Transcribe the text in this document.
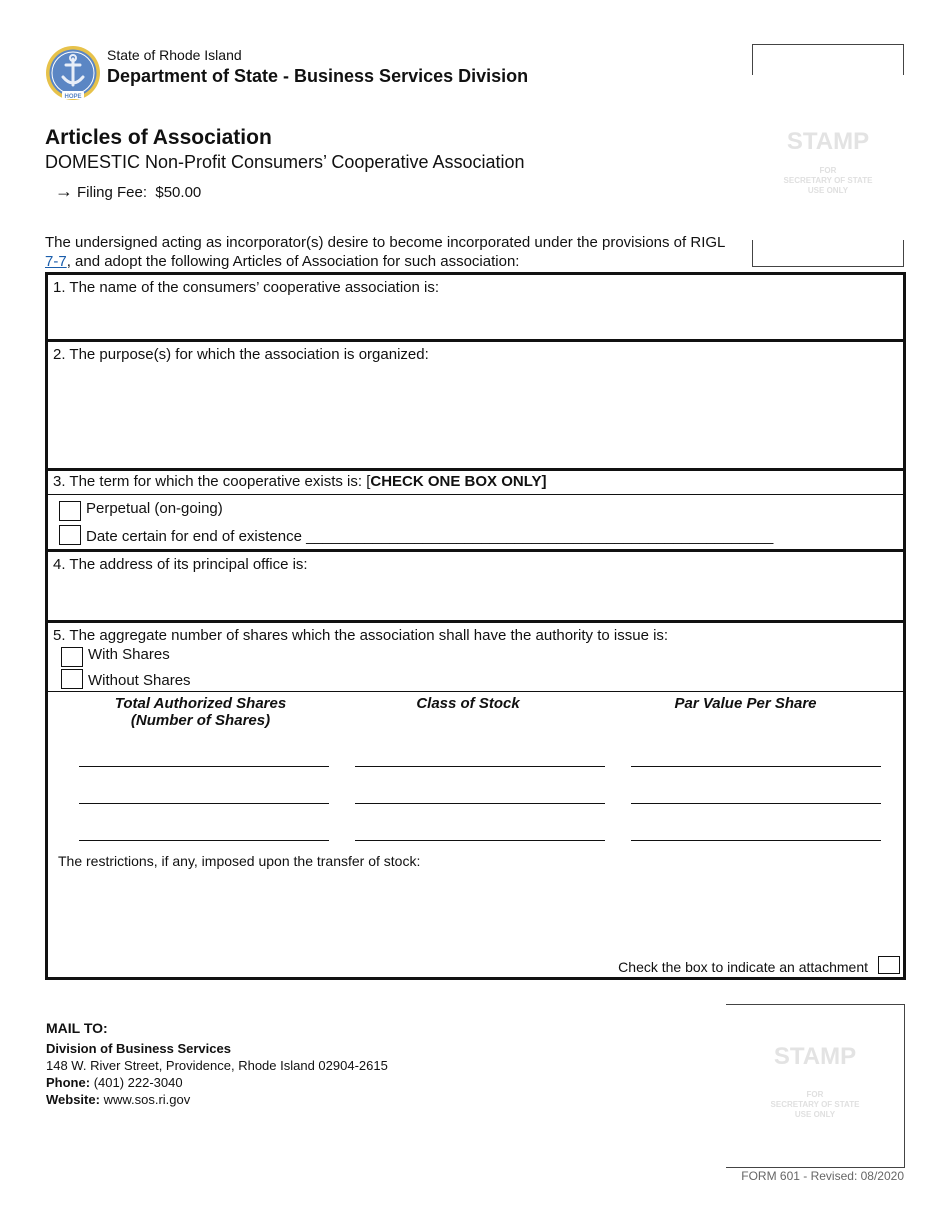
HOPE
State of Rhode Island
Department of State - Business Services Division
Articles of Association
DOMESTIC Non-Profit Consumers’ Cooperative Association
→ Filing Fee: $50.00
The undersigned acting as incorporator(s) desire to become incorporated under the provisions of RIGL 7-7, and adopt the following Articles of Association for such association:
STAMP
FOR
SECRETARY OF STATE
USE ONLY
1. The name of the consumers’ cooperative association is:
2. The purpose(s) for which the association is organized:
3. The term for which the cooperative exists is: [CHECK ONE BOX ONLY]
Perpetual (on-going)
Date certain for end of existence ________________________________________________________
4. The address of its principal office is:
5. The aggregate number of shares which the association shall have the authority to issue is:
With Shares
Without Shares
Total Authorized Shares
(Number of Shares)
Class of Stock	Par Value Per Share
The restrictions, if any, imposed upon the transfer of stock:
Check the box to indicate an attachment
MAIL TO:
Division of Business Services
148 W. River Street, Providence, Rhode Island 02904-2615
Phone: (401) 222-3040
Website: www.sos.ri.gov
STAMP
FOR
SECRETARY OF STATE
USE ONLY
FORM 601 - Revised: 08/2020
